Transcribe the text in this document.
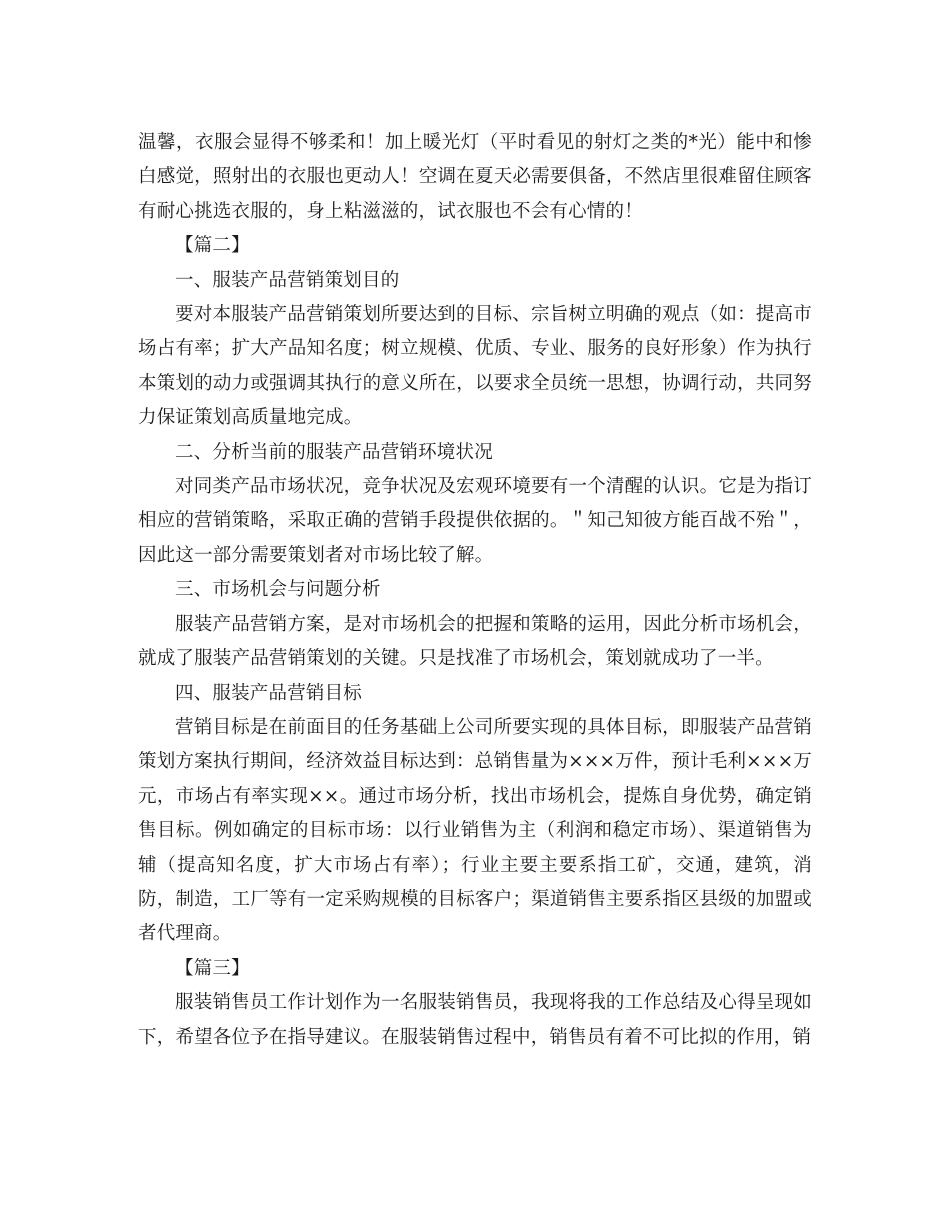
温馨，衣服会显得不够柔和！加上暖光灯（平时看见的射灯之类的*光）能中和惨白感觉，照射出的衣服也更动人！空调在夏天必需要俱备，不然店里很难留住顾客有耐心挑选衣服的，身上粘滋滋的，试衣服也不会有心情的！

【篇二】

一、服装产品营销策划目的

要对本服装产品营销策划所要达到的目标、宗旨树立明确的观点（如：提高市场占有率；扩大产品知名度；树立规模、优质、专业、服务的良好形象）作为执行本策划的动力或强调其执行的意义所在，以要求全员统一思想，协调行动，共同努力保证策划高质量地完成。

二、分析当前的服装产品营销环境状况

对同类产品市场状况，竞争状况及宏观环境要有一个清醒的认识。它是为指订相应的营销策略，采取正确的营销手段提供依据的。＂知己知彼方能百战不殆＂，因此这一部分需要策划者对市场比较了解。

三、市场机会与问题分析

服装产品营销方案，是对市场机会的把握和策略的运用，因此分析市场机会，就成了服装产品营销策划的关键。只是找准了市场机会，策划就成功了一半。

四、服装产品营销目标

营销目标是在前面目的任务基础上公司所要实现的具体目标，即服装产品营销策划方案执行期间，经济效益目标达到：总销售量为×××万件，预计毛利×××万元，市场占有率实现××。通过市场分析，找出市场机会，提炼自身优势，确定销售目标。例如确定的目标市场：以行业销售为主（利润和稳定市场）、渠道销售为辅（提高知名度，扩大市场占有率）；行业主要主要系指工矿，交通，建筑，消防，制造，工厂等有一定采购规模的目标客户；渠道销售主要系指区县级的加盟或者代理商。

【篇三】

服装销售员工作计划作为一名服装销售员，我现将我的工作总结及心得呈现如下，希望各位予在指导建议。在服装销售过程中，销售员有着不可比拟的作用，销
